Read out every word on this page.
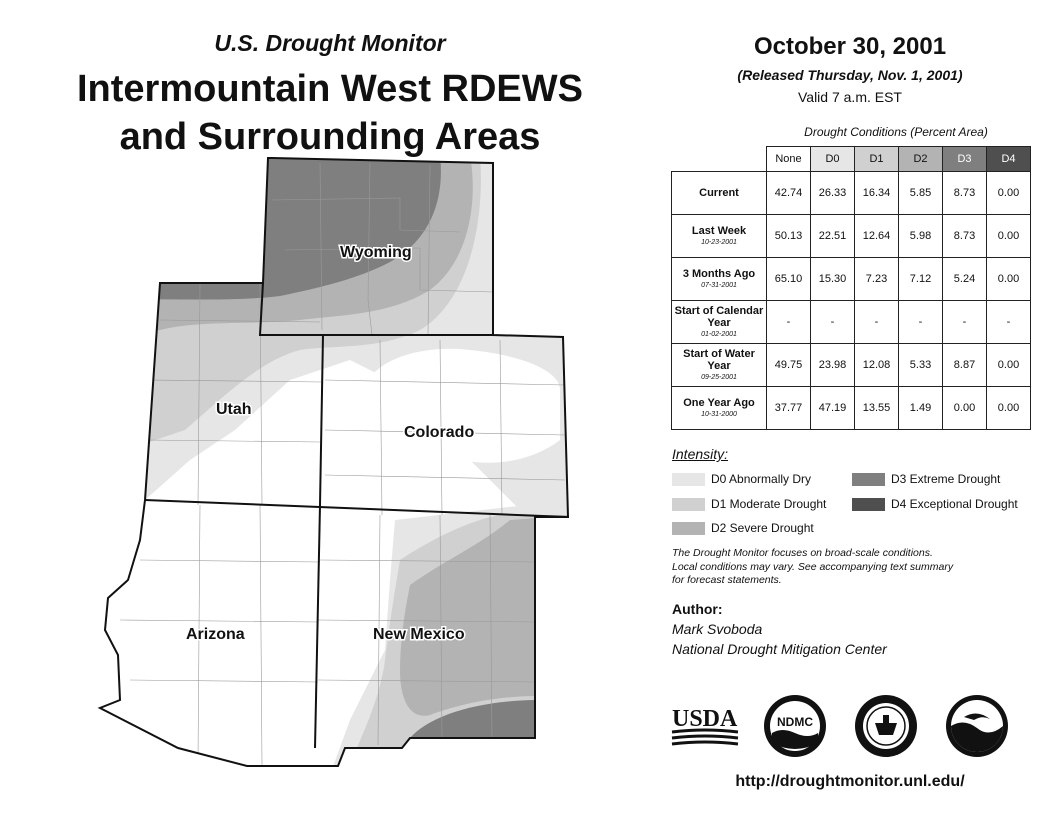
U.S. Drought Monitor
Intermountain West RDEWS
and Surrounding Areas
Wyoming
Utah
Colorado
Arizona	New Mexico
October 30, 2001
(Released Thursday, Nov. 1, 2001)
Valid 7 a.m. EST
Drought Conditions (Percent Area)
	None	D0	D1	D2	D3	D4

Current	42.74	26.33	16.34	5.85	8.73	0.00

Last Week
10-23-2001	50.13	22.51	12.64	5.98	8.73	0.00

3 Months Ago
07-31-2001	65.10	15.30	7.23	7.12	5.24	0.00

Start of Calendar Year
01-02-2001	-	-	-	-	-	-

Start of Water Year
09-25-2001	49.75	23.98	12.08	5.33	8.87	0.00

One Year Ago
10-31-2000	37.77	47.19	13.55	1.49	0.00	0.00
Intensity:
D0 Abnormally Dry
D1 Moderate Drought
D2 Severe Drought
D3 Extreme Drought
D4 Exceptional Drought
The Drought Monitor focuses on broad-scale conditions.
Local conditions may vary. See accompanying text summary
for forecast statements.
Author:
Mark Svoboda
National Drought Mitigation Center
USDA	NDMC
NOAA
http://droughtmonitor.unl.edu/
